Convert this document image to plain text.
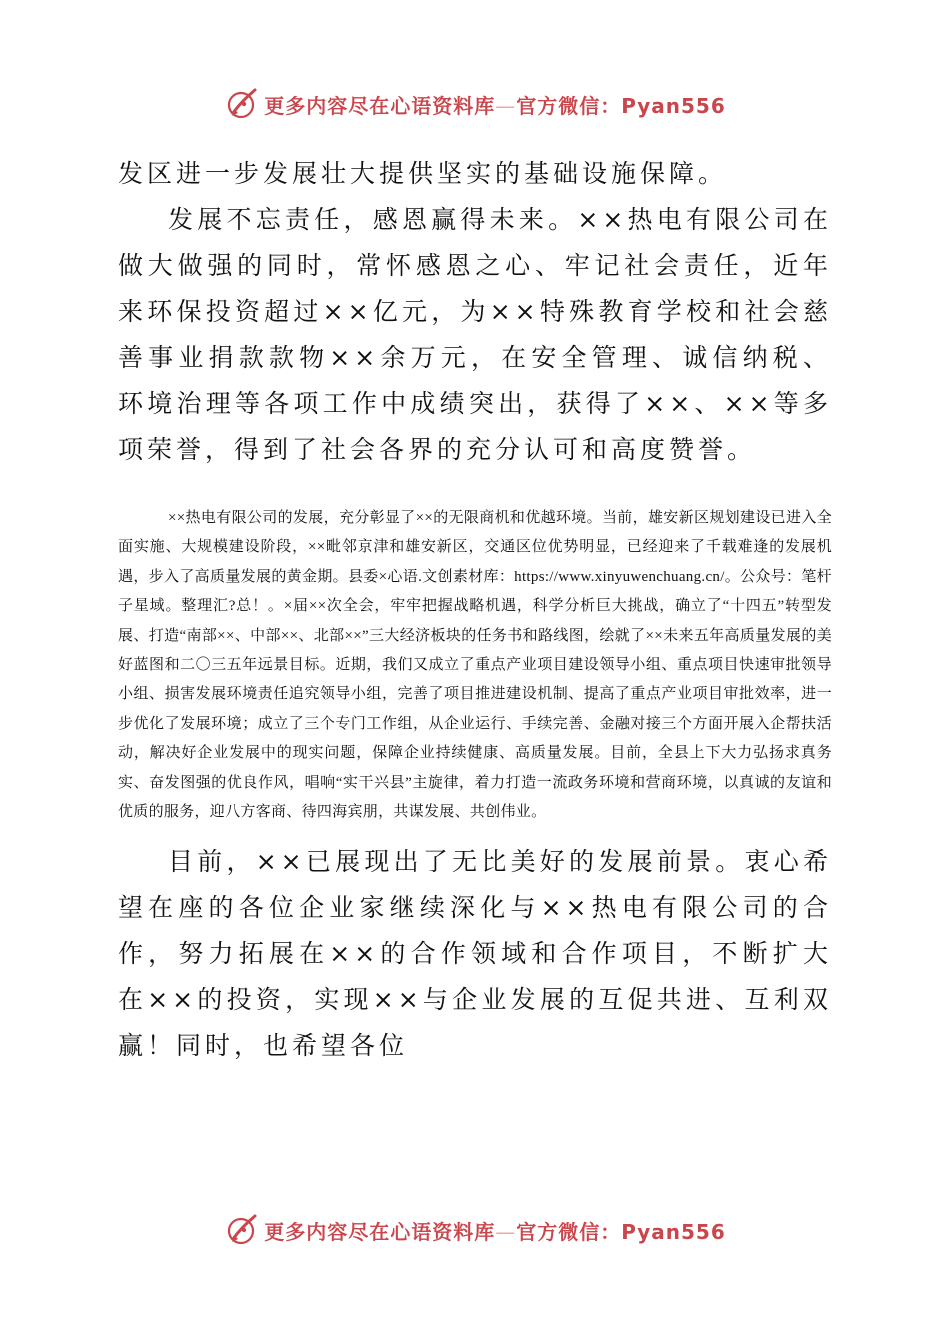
更多内容尽在心语资料库—官方微信：Pyan556

发区进一步发展壮大提供坚实的基础设施保障。

发展不忘责任，感恩赢得未来。××热电有限公司在做大做强的同时，常怀感恩之心、牢记社会责任，近年来环保投资超过××亿元，为××特殊教育学校和社会慈善事业捐款款物××余万元，在安全管理、诚信纳税、环境治理等各项工作中成绩突出，获得了××、××等多项荣誉，得到了社会各界的充分认可和高度赞誉。

××热电有限公司的发展，充分彰显了××的无限商机和优越环境。当前，雄安新区规划建设已进入全面实施、大规模建设阶段，××毗邻京津和雄安新区，交通区位优势明显，已经迎来了千载难逢的发展机遇，步入了高质量发展的黄金期。县委×心语.文创素材库：https://www.xinyuwenchuang.cn/。公众号：笔杆子星域。整理汇?总！。×届××次全会，牢牢把握战略机遇，科学分析巨大挑战，确立了“十四五”转型发展、打造“南部××、中部××、北部××”三大经济板块的任务书和路线图，绘就了××未来五年高质量发展的美好蓝图和二〇三五年远景目标。近期，我们又成立了重点产业项目建设领导小组、重点项目快速审批领导小组、损害发展环境责任追究领导小组，完善了项目推进建设机制、提高了重点产业项目审批效率，进一步优化了发展环境；成立了三个专门工作组，从企业运行、手续完善、金融对接三个方面开展入企帮扶活动，解决好企业发展中的现实问题，保障企业持续健康、高质量发展。目前，全县上下大力弘扬求真务实、奋发图强的优良作风，唱响“实干兴县”主旋律，着力打造一流政务环境和营商环境，以真诚的友谊和优质的服务，迎八方客商、待四海宾朋，共谋发展、共创伟业。

目前，××已展现出了无比美好的发展前景。衷心希望在座的各位企业家继续深化与××热电有限公司的合作，努力拓展在××的合作领域和合作项目，不断扩大在××的投资，实现××与企业发展的互促共进、互利双赢！同时，也希望各位

更多内容尽在心语资料库—官方微信：Pyan556
